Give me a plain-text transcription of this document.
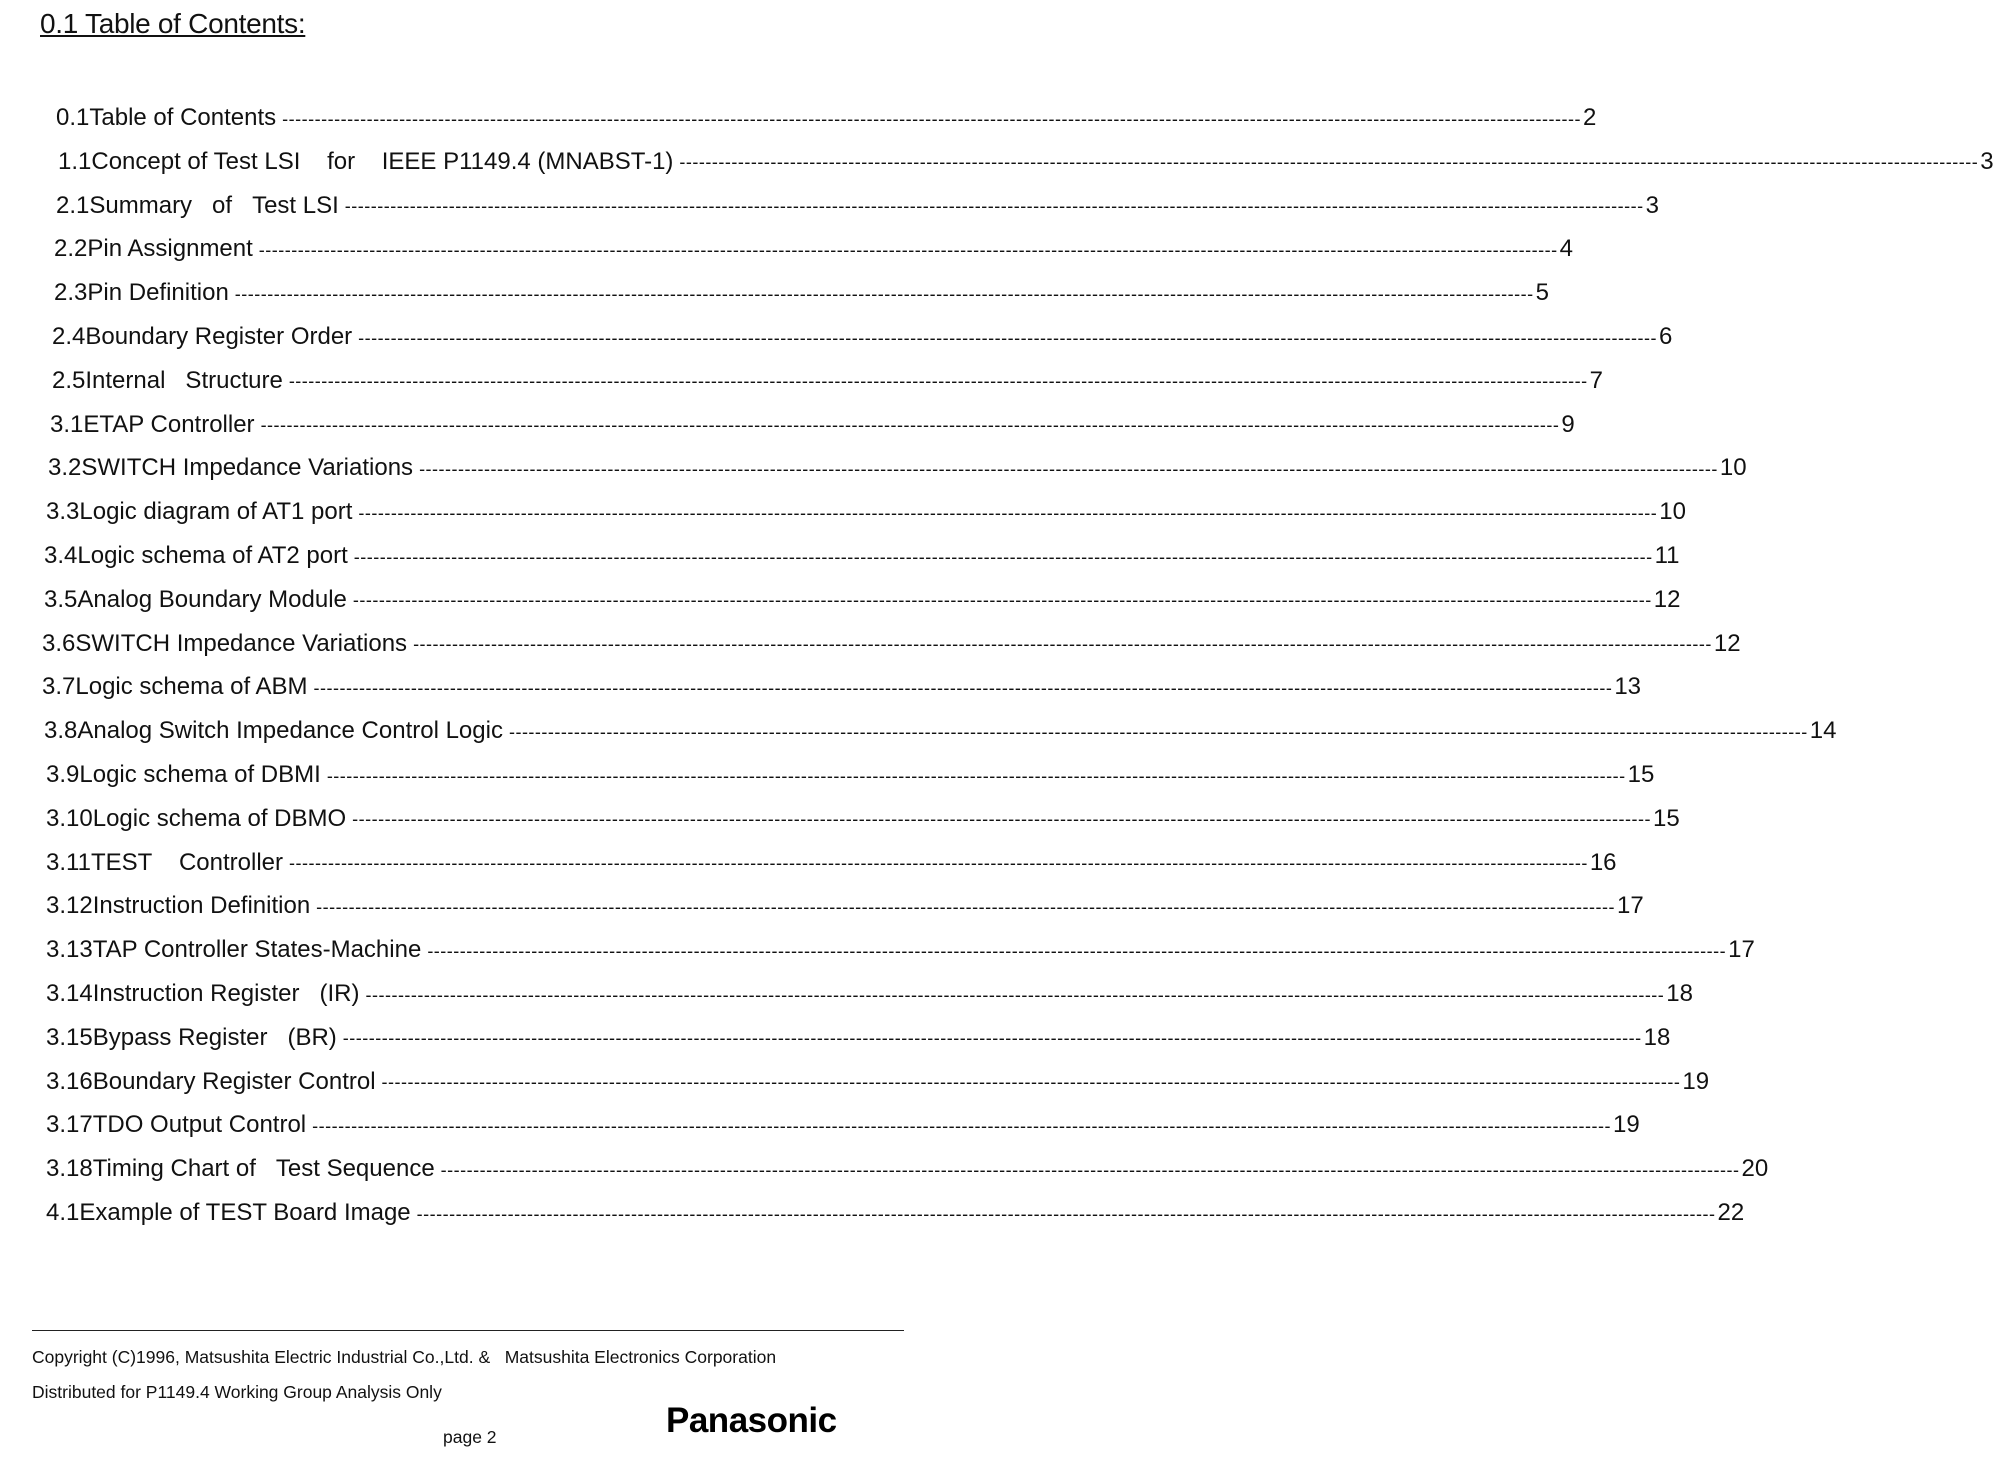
0.1 Table of Contents:
0.1 Table of Contents -------------------------------------------------------------------------------------------------------------------------------------------------------------------------------------------------------- 2
1.1 Concept of Test LSI    for    IEEE P1149.4 (MNABST-1) -------------------------------------------------------------------------------------------------------------------------------------------------------------------------------------------------------- 3
2.1 Summary   of   Test LSI -------------------------------------------------------------------------------------------------------------------------------------------------------------------------------------------------------- 3
2.2 Pin Assignment -------------------------------------------------------------------------------------------------------------------------------------------------------------------------------------------------------- 4
2.3 Pin Definition -------------------------------------------------------------------------------------------------------------------------------------------------------------------------------------------------------- 5
2.4 Boundary Register Order -------------------------------------------------------------------------------------------------------------------------------------------------------------------------------------------------------- 6
2.5 Internal   Structure -------------------------------------------------------------------------------------------------------------------------------------------------------------------------------------------------------- 7
3.1 ETAP Controller -------------------------------------------------------------------------------------------------------------------------------------------------------------------------------------------------------- 9
3.2 SWITCH Impedance Variations -------------------------------------------------------------------------------------------------------------------------------------------------------------------------------------------------------- 10
3.3 Logic diagram of AT1 port -------------------------------------------------------------------------------------------------------------------------------------------------------------------------------------------------------- 10
3.4 Logic schema of AT2 port -------------------------------------------------------------------------------------------------------------------------------------------------------------------------------------------------------- 11
3.5 Analog Boundary Module -------------------------------------------------------------------------------------------------------------------------------------------------------------------------------------------------------- 12
3.6 SWITCH Impedance Variations -------------------------------------------------------------------------------------------------------------------------------------------------------------------------------------------------------- 12
3.7 Logic schema of ABM -------------------------------------------------------------------------------------------------------------------------------------------------------------------------------------------------------- 13
3.8 Analog Switch Impedance Control Logic -------------------------------------------------------------------------------------------------------------------------------------------------------------------------------------------------------- 14
3.9 Logic schema of DBMI -------------------------------------------------------------------------------------------------------------------------------------------------------------------------------------------------------- 15
3.10 Logic schema of DBMO -------------------------------------------------------------------------------------------------------------------------------------------------------------------------------------------------------- 15
3.11 TEST    Controller -------------------------------------------------------------------------------------------------------------------------------------------------------------------------------------------------------- 16
3.12 Instruction Definition -------------------------------------------------------------------------------------------------------------------------------------------------------------------------------------------------------- 17
3.13 TAP Controller States-Machine -------------------------------------------------------------------------------------------------------------------------------------------------------------------------------------------------------- 17
3.14 Instruction Register   (IR) -------------------------------------------------------------------------------------------------------------------------------------------------------------------------------------------------------- 18
3.15 Bypass Register   (BR) -------------------------------------------------------------------------------------------------------------------------------------------------------------------------------------------------------- 18
3.16 Boundary Register Control -------------------------------------------------------------------------------------------------------------------------------------------------------------------------------------------------------- 19
3.17 TDO Output Control -------------------------------------------------------------------------------------------------------------------------------------------------------------------------------------------------------- 19
3.18 Timing Chart of   Test Sequence -------------------------------------------------------------------------------------------------------------------------------------------------------------------------------------------------------- 20
4.1 Example of TEST Board Image -------------------------------------------------------------------------------------------------------------------------------------------------------------------------------------------------------- 22
Copyright (C)1996, Matsushita Electric Industrial Co.,Ltd. &   Matsushita Electronics Corporation
Distributed for P1149.4 Working Group Analysis Only
page 2	Panasonic
